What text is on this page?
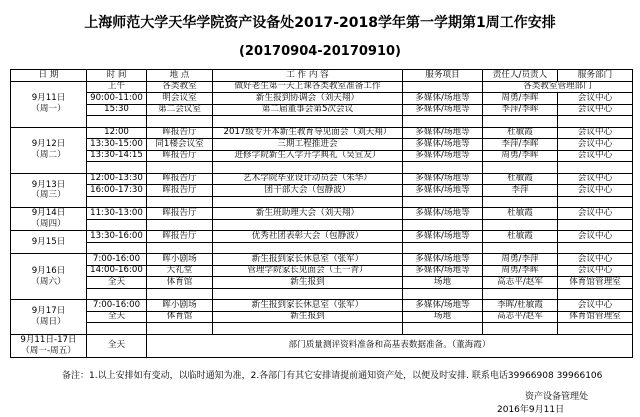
上海师范大学天华学院资产设备处2017-2018学年第一学期第1周工作安排
(20170904-20170910)
日 期	时 间	地 点	工 作 内 容	服务项目	责任人/员责人	服务部门
9月11日
（周一）	上午	各类教室	做好老生第一天上课各类教室准备工作		各类教室管理部门	
	90:00-11:00	明会议室	新生报到协调会（刘天翔）	多媒体/场地等	周勇/李晖	会议中心
	15:30	第二会议室	第二届董事会第5次会议	多媒体/场地等	李萍/李晖	会议中心

9月12日
（周二）	12:00	晖报告厅	2017级专升本新生教育导见面会（刘天翔）	多媒体/场地等	杜敏霞	会议中心
	13:30-15:00	同1楼会议室	三期工程推进会	多媒体/场地等	李萍/李晖	会议中心
	13:30-14:15	晖报告厅	进修学院新生入学升学典礼（吴宣友）	多媒体/场地等	周勇/李晖	会议中心

9月13日
（周三）	12:00-13:30	晖报告厅	艺术学院毕业设计动员会（朱华）	多媒体/场地等	杜敏霞	会议中心
	16:00-17:30	晖报告厅	团干部大会（包静波）	多媒体/场地等	李萍	会议中心

9月14日
（周四）	11:30-13:00	晖报告厅	新生班助理大会（刘天翔）	多媒体/场地等	杜敏霞	会议中心

9月15日	13:30-16:00	晖报告厅	优秀社团表彰大会（包静波）	多媒体/场地等	杜敏霞	会议中心

9月16日
（周六）	7:00-16:00	晖小剧场	新生报到家长休息室（张军）	多媒体/场地等	周勇/李萍	会议中心
	14:00-16:00	大礼堂	管理学院家长见面会（王一青）	多媒体/场地等	周勇/李晖	会议中心
	全天	体育馆	新生报到	场地	高志平/赵军	体育馆管理室

9月17日
（周日）	7:00-16:00	晖小剧场	新生报到家长休息室（张军）	多媒体/场地等	李晖/杜敏霞	会议中心
	全天	体育馆	新生报到	场地	高志平/赵军	体育馆管理室

9月11日-17日
（周一-周五）	全天	部门质量测评资料准备和高基表数据准备。（董海霞）				
备注：1.以上安排如有变动，以临时通知为准，2.各部门有其它安排请提前通知资产处，以便及时安排. 联系电话39966908 39966106
资产设备管理处
2016年9月11日
